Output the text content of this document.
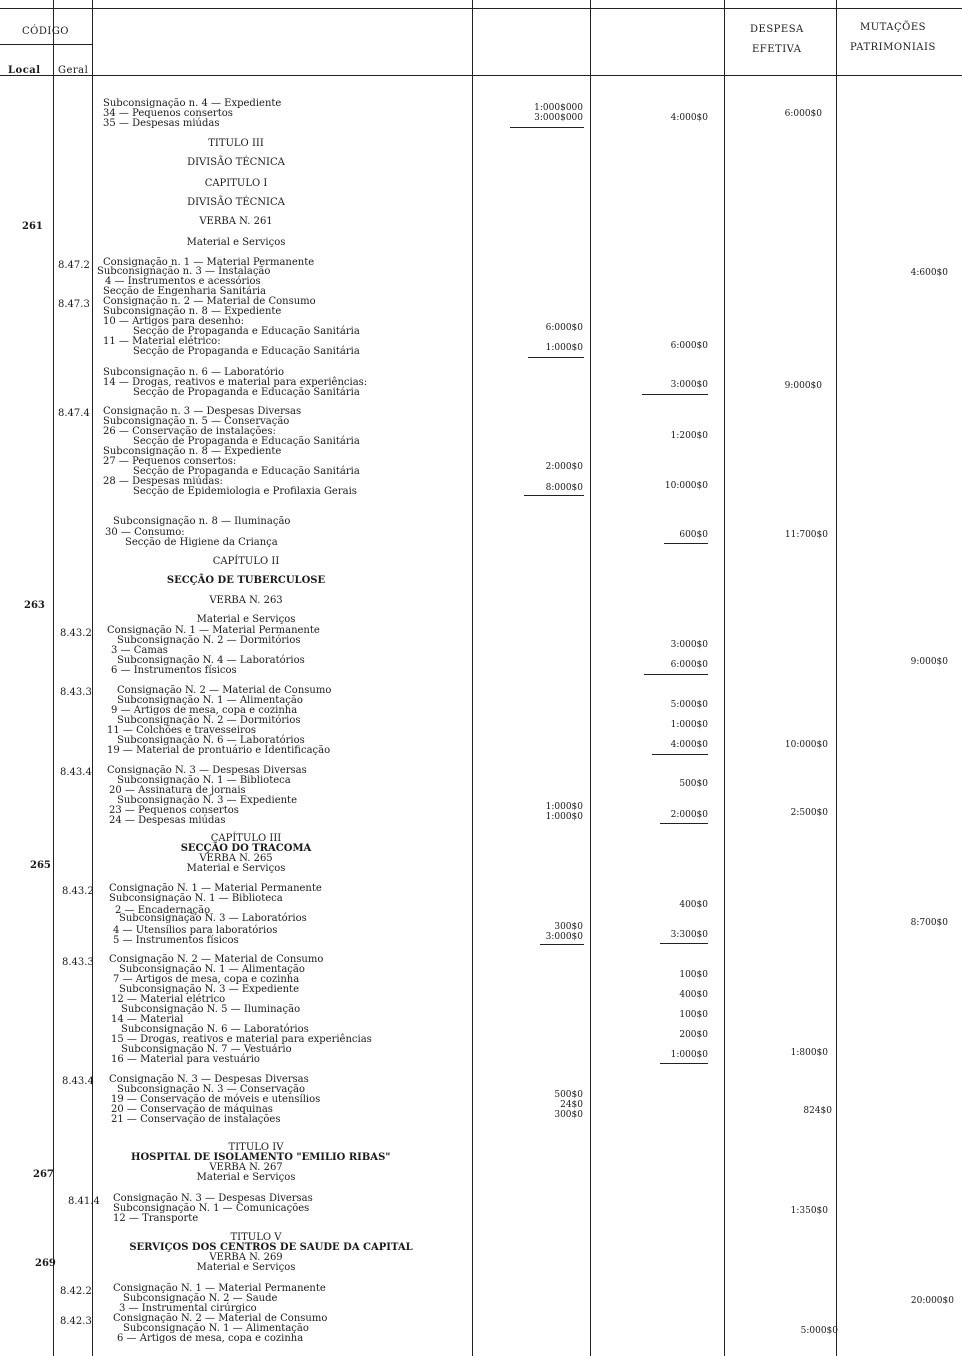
CÓDIGO
Local Geral
DESPESA
EFETIVA
MUTAÇÕES
PATRIMONIAIS
261
263
265
267
269
8.47.2
8.47.3
8.47.4
8.43.2
8.43.3
8.43.4
8.43.2
8.43.3
8.43.4
8.41.4
8.42.2
8.42.3
Subconsignação n. 4 — Expediente
34 — Pequenos consertos
35 — Despesas miúdas
TITULO III
DIVISÃO TÉCNICA
CAPITULO I
DIVISÃO TÉCNICA
VERBA N. 261
Material e Serviços
Consignação n. 1 — Material Permanente
Subconsignação n. 3 — Instalação
4 — Instrumentos e acessórios
Secção de Engenharia Sanitária
Consignação n. 2 — Material de Consumo
Subconsignação n. 8 — Expediente
10 — Artigos para desenho:
Secção de Propaganda e Educação Sanitária
11 — Material elétrico:
Secção de Propaganda e Educação Sanitária
Subconsignação n. 6 — Laboratório
14 — Drogas, reativos e material para experiências:
Secção de Propaganda e Educação Sanitária
Consignação n. 3 — Despesas Diversas
Subconsignação n. 5 — Conservação
26 — Conservação de instalações:
Secção de Propaganda e Educação Sanitária
Subconsignação n. 8 — Expediente
27 — Pequenos consertos:
Secção de Propaganda e Educação Sanitária
28 — Despesas miúdas:
Secção de Epidemiologia e Profilaxia Gerais
Subconsignação n. 8 — Iluminação
30 — Consumo:
Secção de Higiene da Criança
CAPÍTULO II
SECÇÃO DE TUBERCULOSE
VERBA N. 263
Material e Serviços
Consignação N. 1 — Material Permanente
Subconsignação N. 2 — Dormitórios
3 — Camas
Subconsignação N. 4 — Laboratórios
6 — Instrumentos físicos
Consignação N. 2 — Material de Consumo
Subconsignação N. 1 — Alimentação
9 — Artigos de mesa, copa e cozinha
Subconsignação N. 2 — Dormitórios
11 — Colchões e travesseiros
Subconsignação N. 6 — Laboratórios
19 — Material de prontuário e Identificação
Consignação N. 3 — Despesas Diversas
Subconsignação N. 1 — Biblioteca
20 — Assinatura de jornais
Subconsignação N. 3 — Expediente
23 — Pequenos consertos
24 — Despesas miúdas
CAPÍTULO III
SECÇÃO DO TRACOMA
VERBA N. 265
Material e Serviços
Consignação N. 1 — Material Permanente
Subconsignação N. 1 — Biblioteca
2 — Encadernação
Subconsignação N. 3 — Laboratórios
4 — Utensílios para laboratórios
5 — Instrumentos físicos
Consignação N. 2 — Material de Consumo
Subconsignação N. 1 — Alimentação
7 — Artigos de mesa, copa e cozinha
Subconsignação N. 3 — Expediente
12 — Material elétrico
Subconsignação N. 5 — Iluminação
14 — Material
Subconsignação N. 6 — Laboratórios
15 — Drogas, reativos e material para experiências
Subconsignação N. 7 — Vestuário
16 — Material para vestuário
Consignação N. 3 — Despesas Diversas
Subconsignação N. 3 — Conservação
19 — Conservação de móveis e utensílios
20 — Conservação de máquinas
21 — Conservação de instalações
TITULO IV
HOSPITAL DE ISOLAMENTO "EMILIO RIBAS"
VERBA N. 267
Material e Serviços
Consignação N. 3 — Despesas Diversas
Subconsignação N. 1 — Comunicações
12 — Transporte
TITULO V
SERVIÇOS DOS CENTROS DE SAUDE DA CAPITAL
VERBA N. 269
Material e Serviços
Consignação N. 1 — Material Permanente
Subconsignação N. 2 — Saude
3 — Instrumental cirúrgico
Consignação N. 2 — Material de Consumo
Subconsignação N. 1 — Alimentação
6 — Artigos de mesa, copa e cozinha
1:000$000
3:000$000
6:000$0
1:000$0
2:000$0
8:000$0
1:000$0
1:000$0
300$0
3:000$0
500$0
24$0
300$0
4:000$0
6:000$0
3:000$0
1:200$0
10:000$0
600$0
3:000$0
6:000$0
5:000$0
1:000$0
4:000$0
500$0
2:000$0
400$0
3:300$0
100$0
400$0
100$0
200$0
1:000$0
5:000$0
6:000$0
9:000$0
11:700$0
10:000$0
2:500$0
1:800$0
824$0
1:350$0
4:600$0
9:000$0
8:700$0
20:000$0
